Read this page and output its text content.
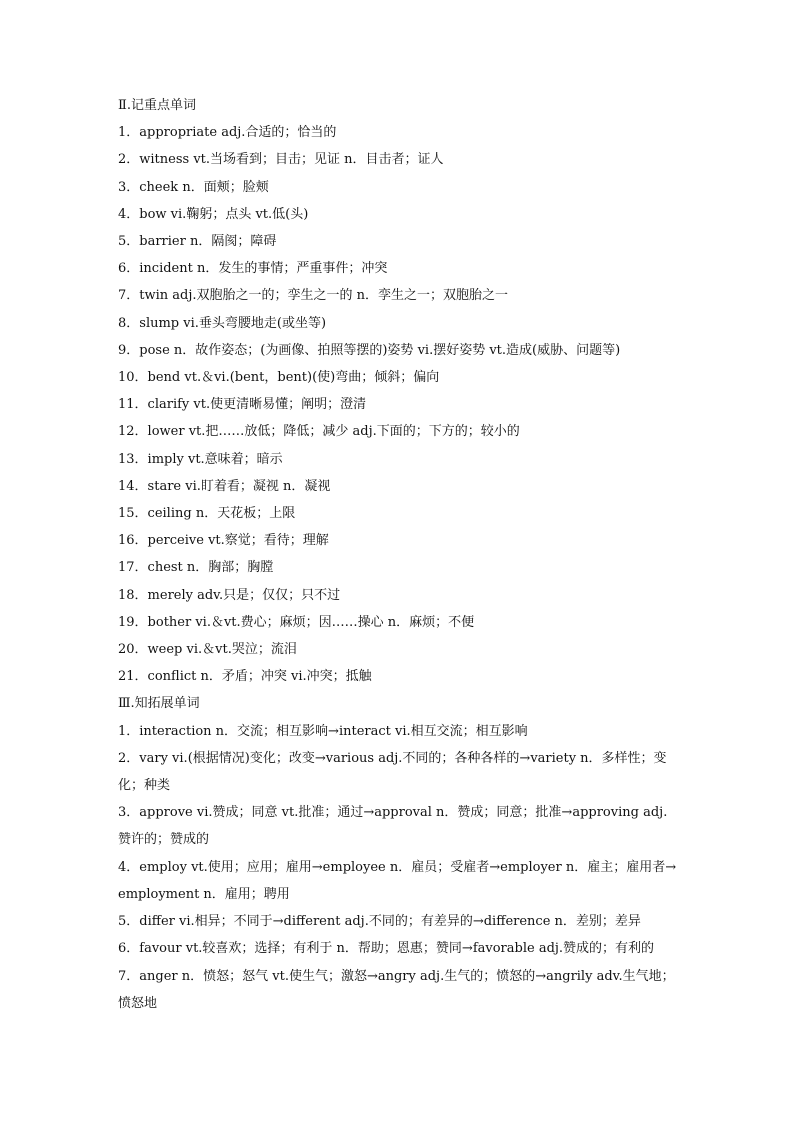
Ⅱ.记重点单词
1．appropriate adj.合适的；恰当的
2．witness vt.当场看到；目击；见证 n．目击者；证人
3．cheek n．面颊；脸颊
4．bow vi.鞠躬；点头 vt.低(头)
5．barrier n．隔阂；障碍
6．incident n．发生的事情；严重事件；冲突
7．twin adj.双胞胎之一的；孪生之一的 n．孪生之一；双胞胎之一
8．slump vi.垂头弯腰地走(或坐等)
9．pose n．故作姿态；(为画像、拍照等摆的)姿势 vi.摆好姿势 vt.造成(威胁、问题等)
10．bend vt.＆vi.(bent，bent)(使)弯曲；倾斜；偏向
11．clarify vt.使更清晰易懂；阐明；澄清
12．lower vt.把……放低；降低；减少 adj.下面的；下方的；较小的
13．imply vt.意味着；暗示
14．stare vi.盯着看；凝视 n．凝视
15．ceiling n．天花板；上限
16．perceive vt.察觉；看待；理解
17．chest n．胸部；胸膛
18．merely adv.只是；仅仅；只不过
19．bother vi.＆vt.费心；麻烦；因……操心 n．麻烦；不便
20．weep vi.＆vt.哭泣；流泪
21．conflict n．矛盾；冲突 vi.冲突；抵触
Ⅲ.知拓展单词
1．interaction n．交流；相互影响→interact vi.相互交流；相互影响
2．vary vi.(根据情况)变化；改变→various adj.不同的；各种各样的→variety n．多样性；变化；种类
3．approve vi.赞成；同意 vt.批准；通过→approval n．赞成；同意；批准→approving adj.赞许的；赞成的
4．employ vt.使用；应用；雇用→employee n．雇员；受雇者→employer n．雇主；雇用者→employment n．雇用；聘用
5．differ vi.相异；不同于→different adj.不同的；有差异的→difference n．差别；差异
6．favour vt.较喜欢；选择；有利于 n．帮助；恩惠；赞同→favorable adj.赞成的；有利的
7．anger n．愤怒；怒气 vt.使生气；激怒→angry adj.生气的；愤怒的→angrily adv.生气地；愤怒地
